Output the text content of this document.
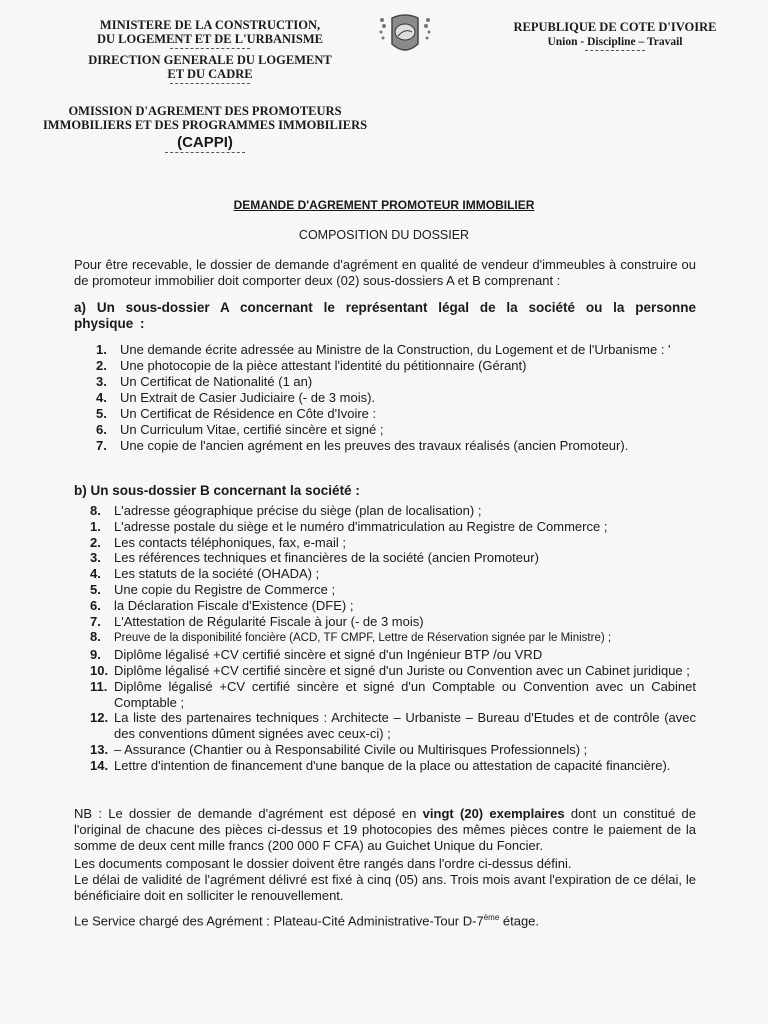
MINISTERE DE LA CONSTRUCTION,
DU LOGEMENT ET DE L'URBANISME
DIRECTION GENERALE DU LOGEMENT
ET DU CADRE
OMISSION D'AGREMENT DES PROMOTEURS
IMMOBILIERS ET DES PROGRAMMES IMMOBILIERS
(CAPPI)
REPUBLIQUE DE COTE D'IVOIRE
Union - Discipline – Travail
DEMANDE D'AGREMENT PROMOTEUR IMMOBILIER
COMPOSITION DU DOSSIER
Pour être recevable, le dossier de demande d'agrément en qualité de vendeur d'immeubles à construire ou de promoteur immobilier doit comporter deux (02) sous-dossiers A et B comprenant :
a) Un sous-dossier A concernant le représentant légal de la société ou la personne physique :
1. Une demande écrite adressée au Ministre de la Construction, du Logement et de l'Urbanisme : '
2. Une photocopie de la pièce attestant l'identité du pétitionnaire (Gérant)
3. Un Certificat de Nationalité (1 an)
4. Un Extrait de Casier Judiciaire (- de 3 mois).
5. Un Certificat de Résidence en Côte d'Ivoire :
6. Un Curriculum Vitae, certifié sincère et signé ;
7. Une copie de l'ancien agrément en les preuves des travaux réalisés (ancien Promoteur).
b) Un sous-dossier B concernant la société :
8. L'adresse géographique précise du siège (plan de localisation) ;
1. L'adresse postale du siège et le numéro d'immatriculation au Registre de Commerce ;
2. Les contacts téléphoniques, fax, e-mail ;
3. Les références techniques et financières de la société (ancien Promoteur)
4. Les statuts de la société (OHADA) ;
5. Une copie du Registre de Commerce ;
6. la Déclaration Fiscale d'Existence (DFE) ;
7. L'Attestation de Régularité Fiscale à jour (- de 3 mois)
8. Preuve de la disponibilité foncière (ACD, TF CMPF, Lettre de Réservation signée par le Ministre) ;
9. Diplôme légalisé +CV certifié sincère et signé d'un Ingénieur BTP /ou VRD
10. Diplôme légalisé +CV certifié sincère et signé d'un Juriste ou Convention avec un Cabinet juridique ;
11. Diplôme légalisé +CV certifié sincère et signé d'un Comptable ou Convention avec un Cabinet Comptable ;
12. La liste des partenaires techniques : Architecte – Urbaniste – Bureau d'Etudes et de contrôle (avec des conventions dûment signées avec ceux-ci) ;
13. – Assurance (Chantier ou à Responsabilité Civile ou Multirisques Professionnels) ;
14. Lettre d'intention de financement d'une banque de la place ou attestation de capacité financière).
NB : Le dossier de demande d'agrément est déposé en vingt (20) exemplaires dont un constitué de l'original de chacune des pièces ci-dessus et 19 photocopies des mêmes pièces contre le paiement de la somme de deux cent mille francs (200 000 F CFA) au Guichet Unique du Foncier.
Les documents composant le dossier doivent être rangés dans l'ordre ci-dessus défini.
Le délai de validité de l'agrément délivré est fixé à cinq (05) ans. Trois mois avant l'expiration de ce délai, le bénéficiaire doit en solliciter le renouvellement.
Le Service chargé des Agrément : Plateau-Cité Administrative-Tour D-7ème étage.
